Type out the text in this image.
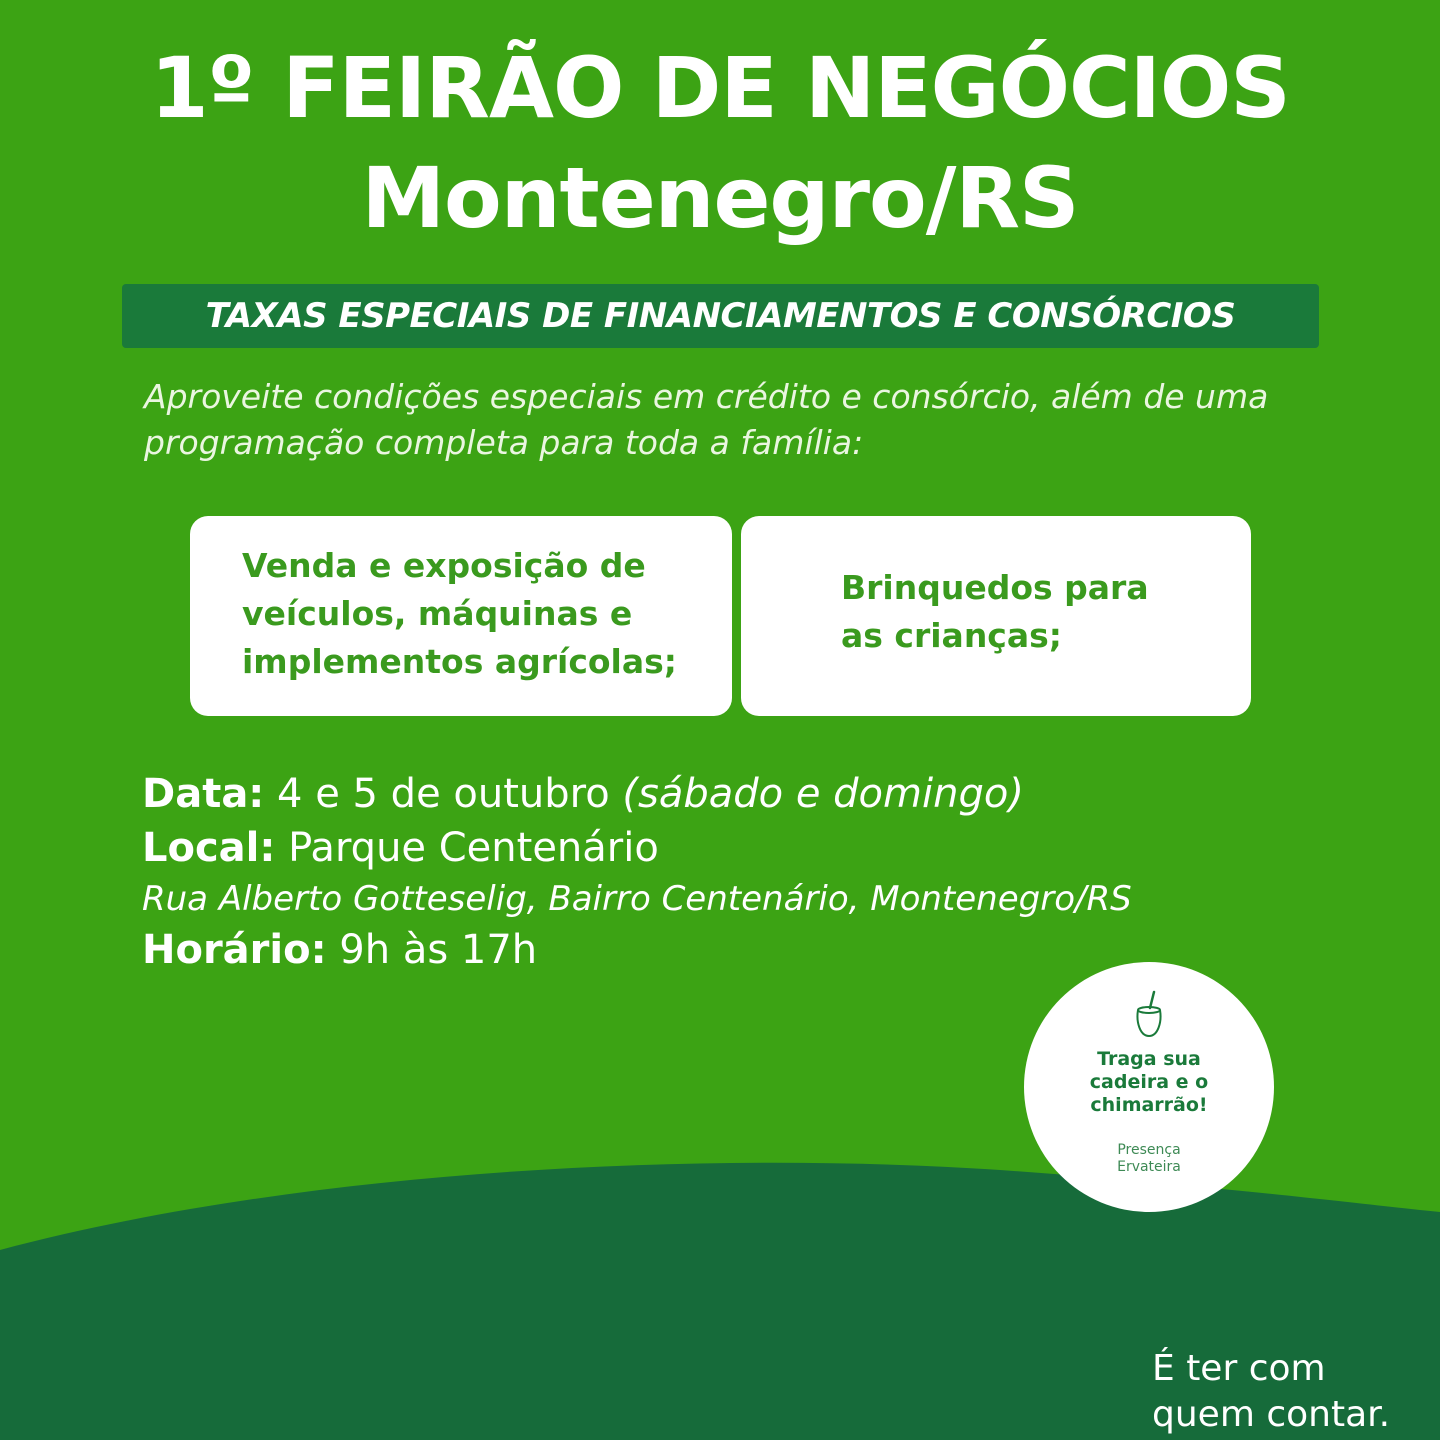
1º FEIRÃO DE NEGÓCIOS
Montenegro/RS
TAXAS ESPECIAIS DE FINANCIAMENTOS E CONSÓRCIOS
Aproveite condições especiais em crédito e consórcio, além de uma
programação completa para toda a família:
Venda e exposição de
veículos, máquinas e
implementos agrícolas;
Brinquedos para
as crianças;
Data: 4 e 5 de outubro (sábado e domingo)
Local: Parque Centenário
Rua Alberto Gotteselig, Bairro Centenário, Montenegro/RS
Horário: 9h às 17h
Traga sua
cadeira e o
chimarrão!
Presença
Ervateira
É ter com
quem contar.
